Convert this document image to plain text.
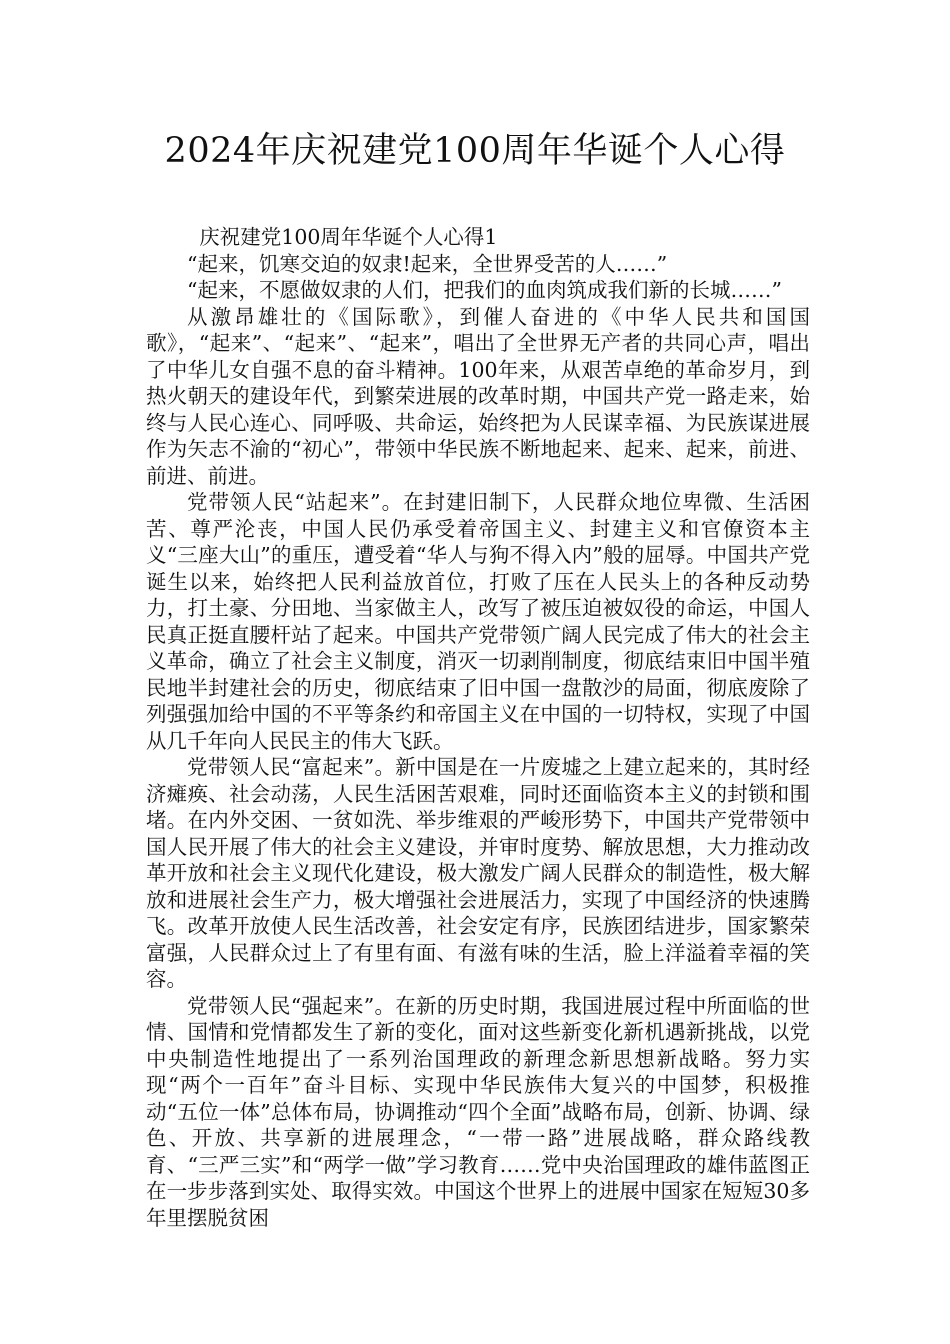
2024年庆祝建党100周年华诞个人心得

庆祝建党100周年华诞个人心得1

“起来，饥寒交迫的奴隶!起来，全世界受苦的人……”

“起来，不愿做奴隶的人们，把我们的血肉筑成我们新的长城……”

从激昂雄壮的《国际歌》，到催人奋进的《中华人民共和国国歌》，“起来”、“起来”、“起来”，唱出了全世界无产者的共同心声，唱出了中华儿女自强不息的奋斗精神。100年来，从艰苦卓绝的革命岁月，到热火朝天的建设年代，到繁荣进展的改革时期，中国共产党一路走来，始终与人民心连心、同呼吸、共命运，始终把为人民谋幸福、为民族谋进展作为矢志不渝的“初心”，带领中华民族不断地起来、起来、起来，前进、前进、前进。

党带领人民“站起来”。在封建旧制下，人民群众地位卑微、生活困苦、尊严沦丧，中国人民仍承受着帝国主义、封建主义和官僚资本主义“三座大山”的重压，遭受着“华人与狗不得入内”般的屈辱。中国共产党诞生以来，始终把人民利益放首位，打败了压在人民头上的各种反动势力，打土豪、分田地、当家做主人，改写了被压迫被奴役的命运，中国人民真正挺直腰杆站了起来。中国共产党带领广阔人民完成了伟大的社会主义革命，确立了社会主义制度，消灭一切剥削制度，彻底结束旧中国半殖民地半封建社会的历史，彻底结束了旧中国一盘散沙的局面，彻底废除了列强强加给中国的不平等条约和帝国主义在中国的一切特权，实现了中国从几千年向人民民主的伟大飞跃。

党带领人民“富起来”。新中国是在一片废墟之上建立起来的，其时经济瘫痪、社会动荡，人民生活困苦艰难，同时还面临资本主义的封锁和围堵。在内外交困、一贫如洗、举步维艰的严峻形势下，中国共产党带领中国人民开展了伟大的社会主义建设，并审时度势、解放思想，大力推动改革开放和社会主义现代化建设，极大激发广阔人民群众的制造性，极大解放和进展社会生产力，极大增强社会进展活力，实现了中国经济的快速腾飞。改革开放使人民生活改善，社会安定有序，民族团结进步，国家繁荣富强，人民群众过上了有里有面、有滋有味的生活，脸上洋溢着幸福的笑容。

党带领人民“强起来”。在新的历史时期，我国进展过程中所面临的世情、国情和党情都发生了新的变化，面对这些新变化新机遇新挑战，以党中央制造性地提出了一系列治国理政的新理念新思想新战略。努力实现“两个一百年”奋斗目标、实现中华民族伟大复兴的中国梦，积极推动“五位一体”总体布局，协调推动“四个全面”战略布局，创新、协调、绿色、开放、共享新的进展理念，“一带一路”进展战略，群众路线教育、“三严三实”和“两学一做”学习教育……党中央治国理政的雄伟蓝图正在一步步落到实处、取得实效。中国这个世界上的进展中国家在短短30多年里摆脱贫困
